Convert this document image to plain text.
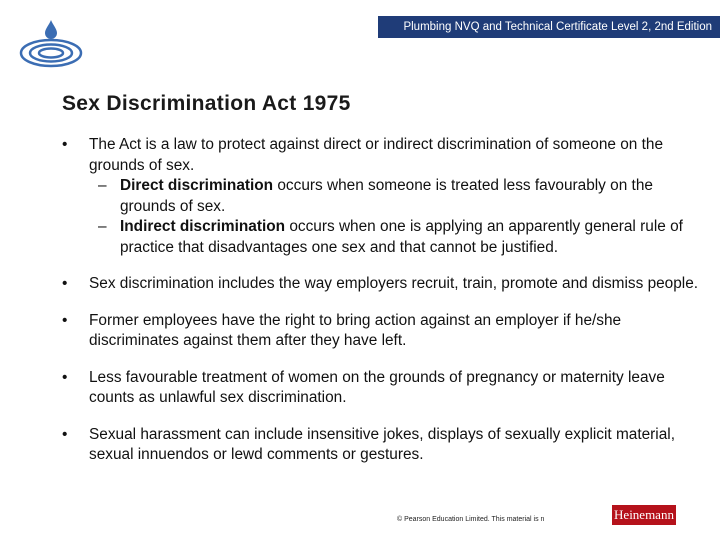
Plumbing NVQ and Technical Certificate Level 2, 2nd Edition
Sex Discrimination Act 1975
• The Act is a law to protect against direct or indirect discrimination of someone on the grounds of sex.
– Direct discrimination occurs when someone is treated less favourably on the grounds of sex.
– Indirect discrimination occurs when one is applying an apparently general rule of practice that disadvantages one sex and that cannot be justified.
• Sex discrimination includes the way employers recruit, train, promote and dismiss people.
• Former employees have the right to bring action against an employer if he/she discriminates against them after they have left.
• Less favourable treatment of women on the grounds of pregnancy or maternity leave counts as unlawful sex discrimination.
• Sexual harassment can include insensitive jokes, displays of sexually explicit material, sexual innuendos or lewd comments or gestures.
© Pearson Education Limited. This material is n	Heinemann
